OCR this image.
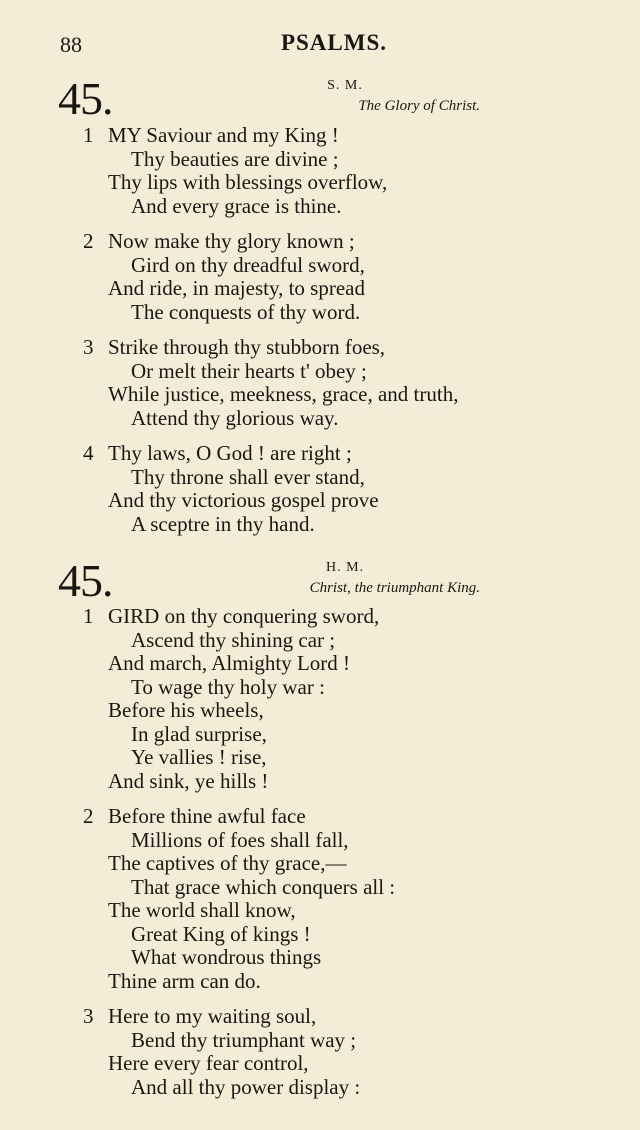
88	PSALMS.
45.	S. M.
The Glory of Christ.
1 MY Saviour and my King !
Thy beauties are divine ;
Thy lips with blessings overflow,
And every grace is thine.
2 Now make thy glory known ;
Gird on thy dreadful sword,
And ride, in majesty, to spread
The conquests of thy word.
3 Strike through thy stubborn foes,
Or melt their hearts t' obey ;
While justice, meekness, grace, and truth,
Attend thy glorious way.
4 Thy laws, O God ! are right ;
Thy throne shall ever stand,
And thy victorious gospel prove
A sceptre in thy hand.
45.	H. M.
Christ, the triumphant King.
1 GIRD on thy conquering sword,
Ascend thy shining car ;
And march, Almighty Lord !
To wage thy holy war :
Before his wheels,
In glad surprise,
Ye vallies ! rise,
And sink, ye hills !
2 Before thine awful face
Millions of foes shall fall,
The captives of thy grace,—
That grace which conquers all :
The world shall know,
Great King of kings !
What wondrous things
Thine arm can do.
3 Here to my waiting soul,
Bend thy triumphant way ;
Here every fear control,
And all thy power display :
